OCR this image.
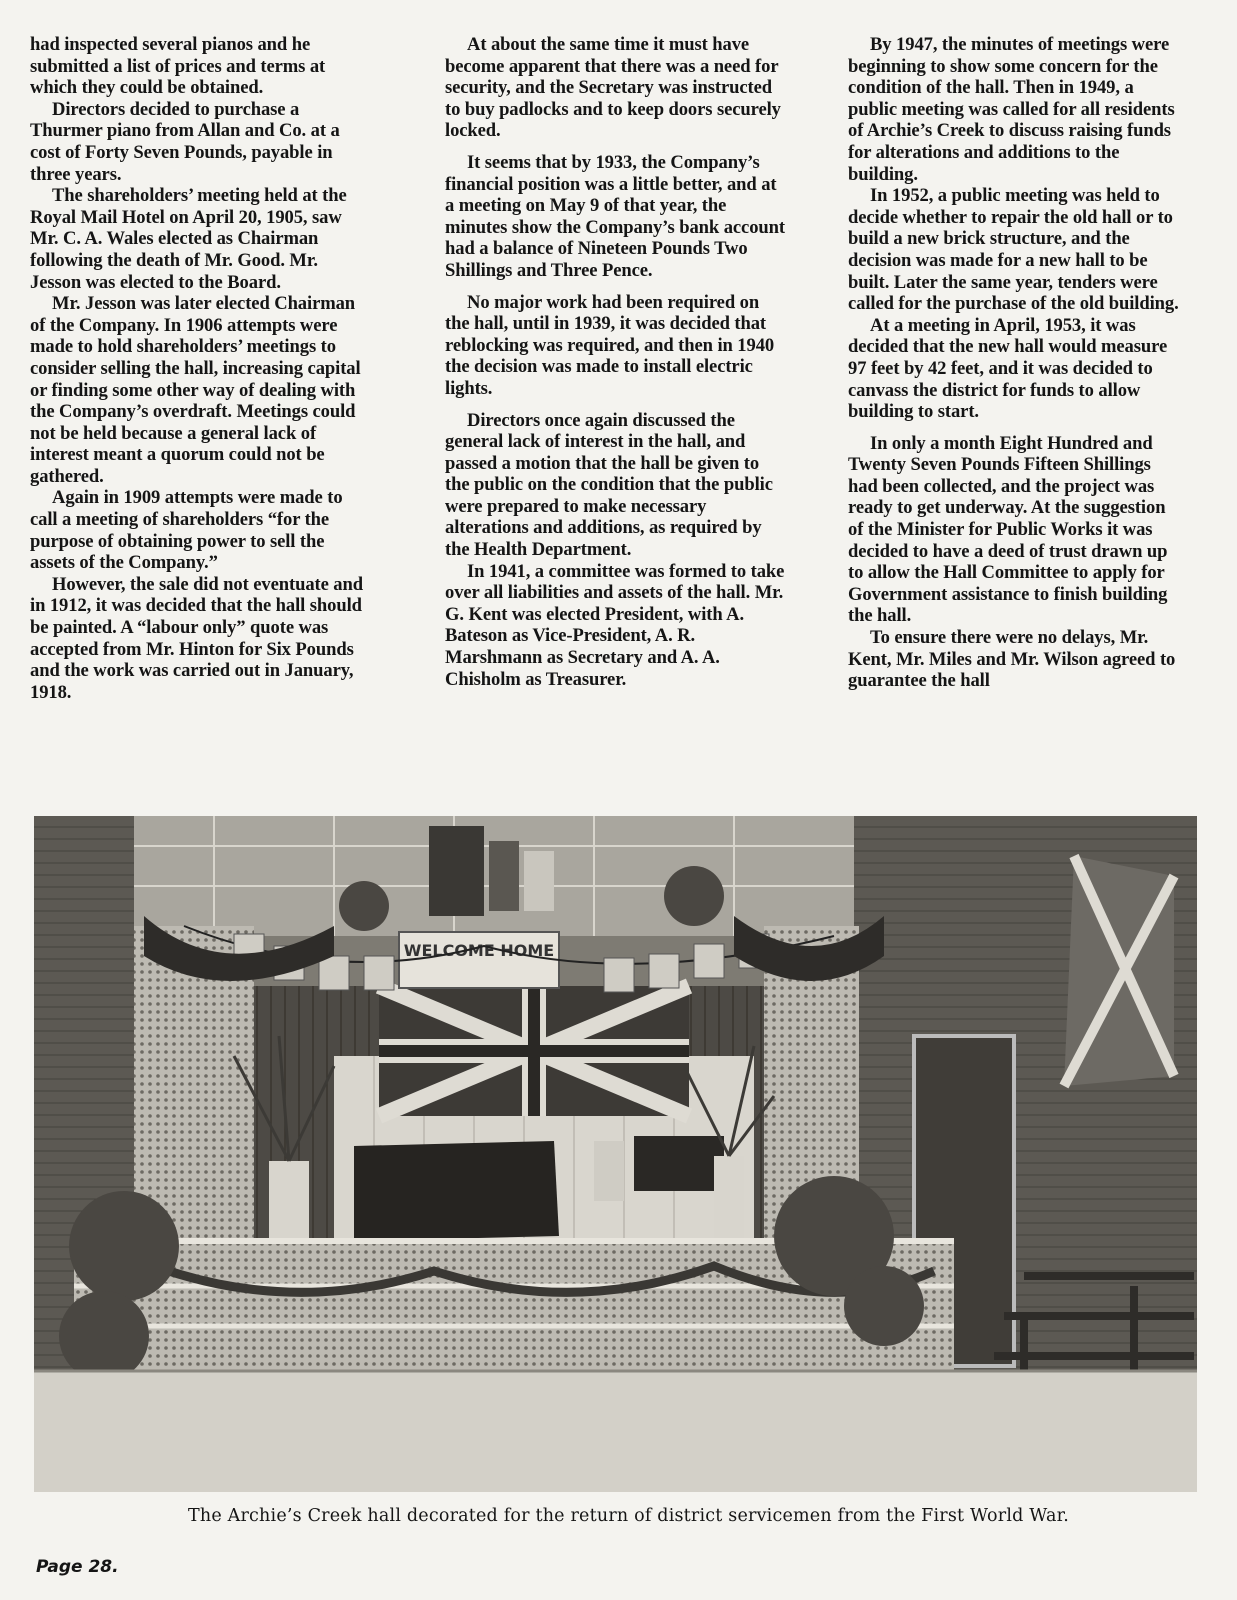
had inspected several pianos and he submitted a list of prices and terms at which they could be obtained.

Directors decided to purchase a Thurmer piano from Allan and Co. at a cost of Forty Seven Pounds, payable in three years.

The shareholders’ meeting held at the Royal Mail Hotel on April 20, 1905, saw Mr. C. A. Wales elected as Chairman following the death of Mr. Good. Mr. Jesson was elected to the Board.

Mr. Jesson was later elected Chairman of the Company. In 1906 attempts were made to hold shareholders’ meetings to consider selling the hall, increasing capital or finding some other way of dealing with the Company’s overdraft. Meetings could not be held because a general lack of interest meant a quorum could not be gathered.

Again in 1909 attempts were made to call a meeting of shareholders “for the purpose of obtaining power to sell the assets of the Company.”

However, the sale did not eventuate and in 1912, it was decided that the hall should be painted. A “labour only” quote was accepted from Mr. Hinton for Six Pounds and the work was carried out in January, 1918.

At about the same time it must have become apparent that there was a need for security, and the Secretary was instructed to buy padlocks and to keep doors securely locked.

It seems that by 1933, the Company’s financial position was a little better, and at a meeting on May 9 of that year, the minutes show the Company’s bank account had a balance of Nineteen Pounds Two Shillings and Three Pence.

No major work had been required on the hall, until in 1939, it was decided that reblocking was required, and then in 1940 the decision was made to install electric lights.

Directors once again discussed the general lack of interest in the hall, and passed a motion that the hall be given to the public on the condition that the public were prepared to make necessary alterations and additions, as required by the Health Department.

In 1941, a committee was formed to take over all liabilities and assets of the hall. Mr. G. Kent was elected President, with A. Bateson as Vice-President, A. R. Marshmann as Secretary and A. A. Chisholm as Treasurer.

By 1947, the minutes of meetings were beginning to show some concern for the condition of the hall. Then in 1949, a public meeting was called for all residents of Archie’s Creek to discuss raising funds for alterations and additions to the building.

In 1952, a public meeting was held to decide whether to repair the old hall or to build a new brick structure, and the decision was made for a new hall to be built. Later the same year, tenders were called for the purchase of the old building.

At a meeting in April, 1953, it was decided that the new hall would measure 97 feet by 42 feet, and it was decided to canvass the district for funds to allow building to start.

In only a month Eight Hundred and Twenty Seven Pounds Fifteen Shillings had been collected, and the project was ready to get underway. At the suggestion of the Minister for Public Works it was decided to have a deed of trust drawn up to allow the Hall Committee to apply for Government assistance to finish building the hall.

To ensure there were no delays, Mr. Kent, Mr. Miles and Mr. Wilson agreed to guarantee the hall

WELCOME HOME
The Archie’s Creek hall decorated for the return of district servicemen from the First World War.
Page 28.
